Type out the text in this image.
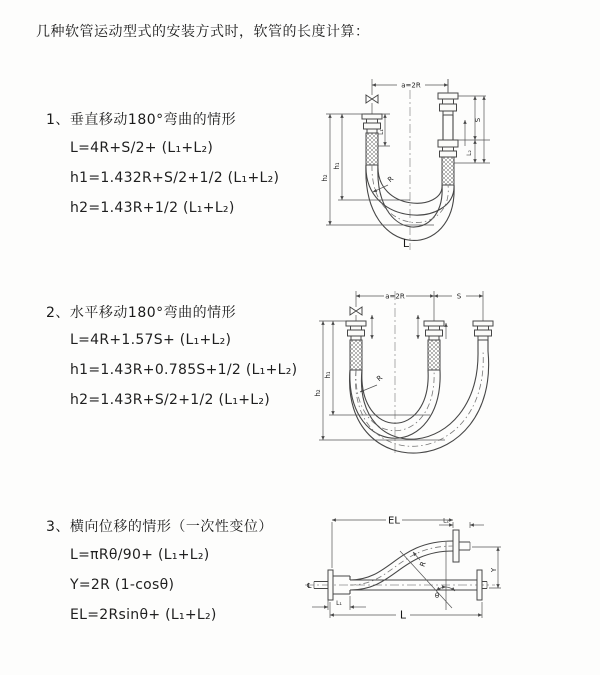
几种软管运动型式的安装方式时，软管的长度计算：
1、垂直移动180°弯曲的情形
L=4R+S/2+ (L₁+L₂)
h1=1.432R+S/2+1/2 (L₁+L₂)
h2=1.43R+1/2 (L₁+L₂)
2、水平移动180°弯曲的情形
L=4R+1.57S+ (L₁+L₂)
h1=1.43R+0.785S+1/2 (L₁+L₂)
h2=1.43R+S/2+1/2 (L₁+L₂)
3、横向位移的情形（一次性变位）
L=πRθ/90+ (L₁+L₂)
Y=2R (1-cosθ)
EL=2Rsinθ+ (L₁+L₂)
a=2R
h₁
h₂
L₁
S
L₂
R
L
a=2R	S
h₁
h₂
R
℄
EL	L₂
Y
L
L₁
R
θ
